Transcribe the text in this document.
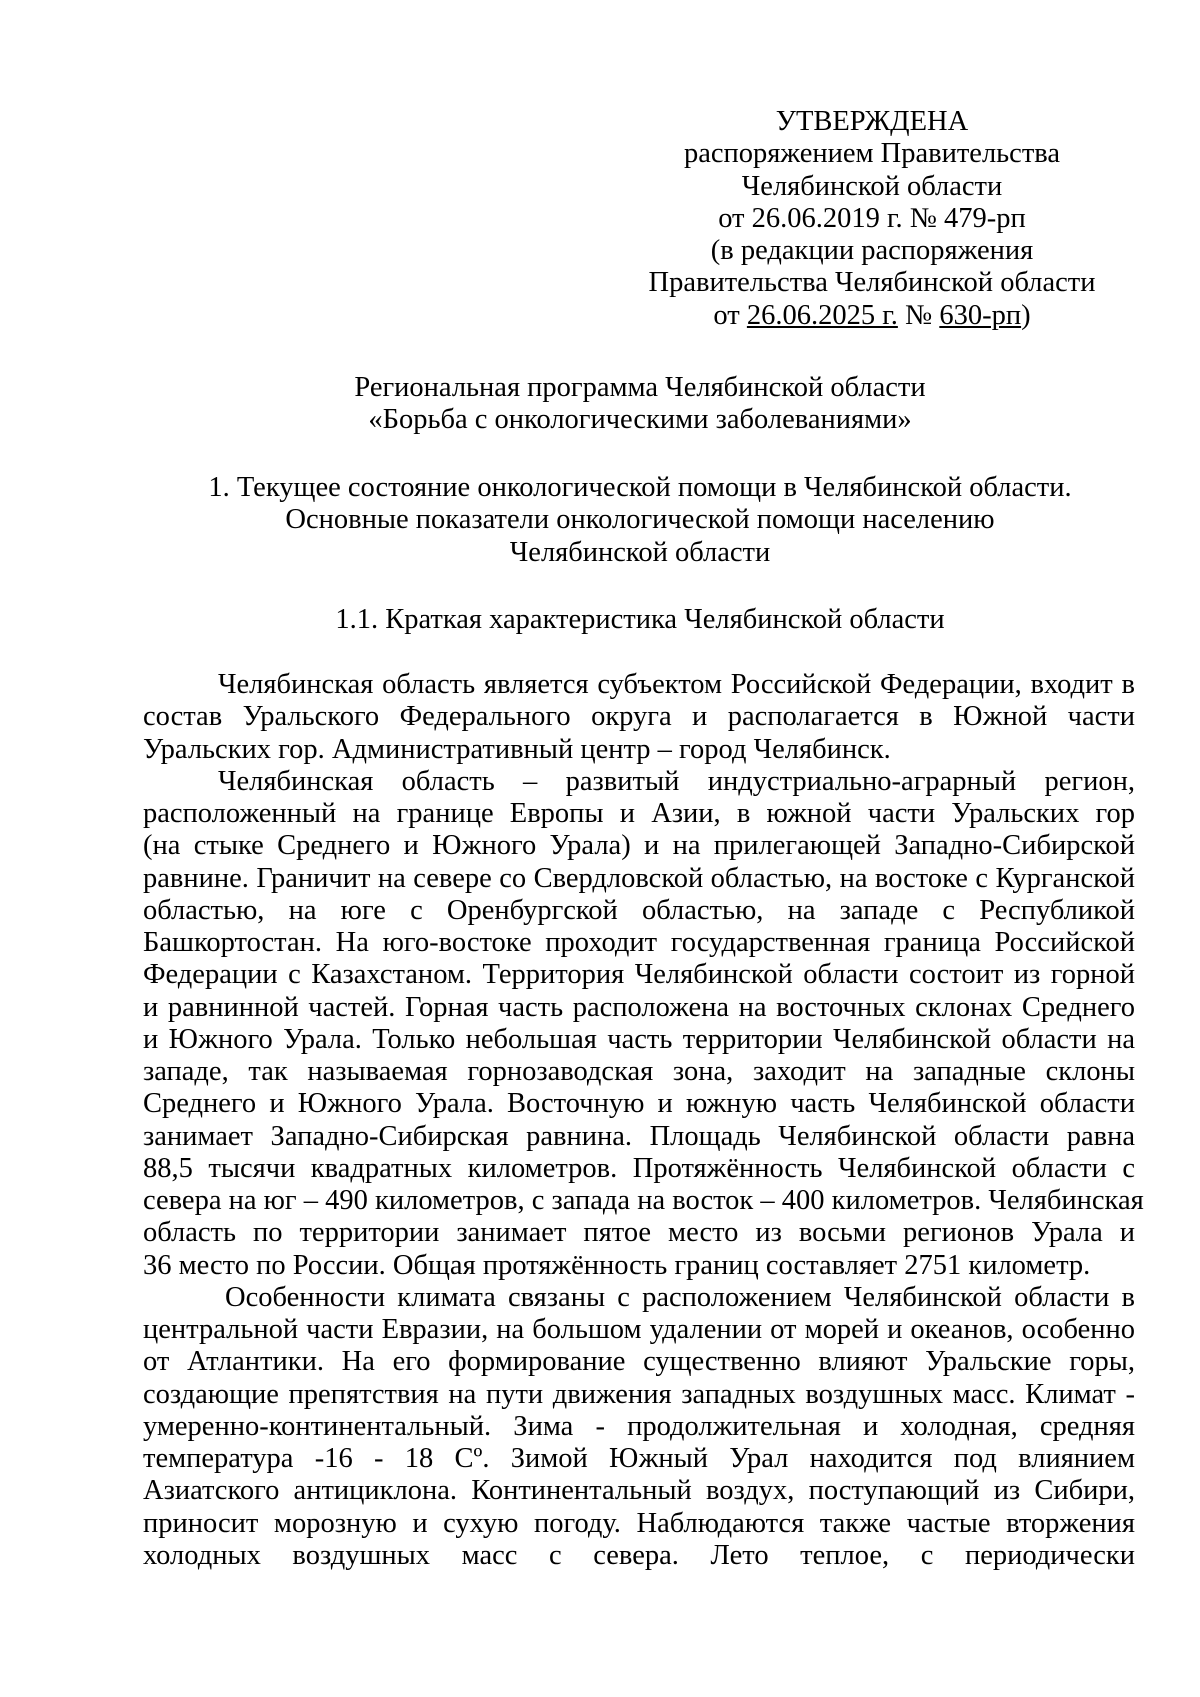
УТВЕРЖДЕНА
распоряжением Правительства
Челябинской области
от 26.06.2019 г. № 479-рп
(в редакции распоряжения
Правительства Челябинской области
от 26.06.2025 г. № 630-рп)
Региональная программа Челябинской области
«Борьба с онкологическими заболеваниями»
1. Текущее состояние онкологической помощи в Челябинской области.
Основные показатели онкологической помощи населению
Челябинской области
1.1. Краткая характеристика Челябинской области
Челябинская область является субъектом Российской Федерации, входит в
состав Уральского Федерального округа и располагается в Южной части
Уральских гор. Административный центр – город Челябинск.
Челябинская область – развитый индустриально-аграрный регион,
расположенный на границе Европы и Азии, в южной части Уральских гор
(на стыке Среднего и Южного Урала) и на прилегающей Западно-Сибирской
равнине. Граничит на севере со Свердловской областью, на востоке с Курганской
областью, на юге с Оренбургской областью, на западе с Республикой
Башкортостан. На юго-востоке проходит государственная граница Российской
Федерации с Казахстаном. Территория Челябинской области состоит из горной
и равнинной частей. Горная часть расположена на восточных склонах Среднего
и Южного Урала. Только небольшая часть территории Челябинской области на
западе, так называемая горнозаводская зона, заходит на западные склоны
Среднего и Южного Урала. Восточную и южную часть Челябинской области
занимает Западно-Сибирская равнина. Площадь Челябинской области равна
88,5 тысячи квадратных километров. Протяжённость Челябинской области с
севера на юг – 490 километров, с запада на восток – 400 километров. Челябинская
область по территории занимает пятое место из восьми регионов Урала и
36 место по России. Общая протяжённость границ составляет 2751 километр.
Особенности климата связаны с расположением Челябинской области в
центральной части Евразии, на большом удалении от морей и океанов, особенно
от Атлантики. На его формирование существенно влияют Уральские горы,
создающие препятствия на пути движения западных воздушных масс. Климат -
умеренно-континентальный. Зима - продолжительная и холодная, средняя
температура -16 - 18 Сº. Зимой Южный Урал находится под влиянием
Азиатского антициклона. Континентальный воздух, поступающий из Сибири,
приносит морозную и сухую погоду. Наблюдаются также частые вторжения
холодных воздушных масс с севера. Лето теплое, с периодически
